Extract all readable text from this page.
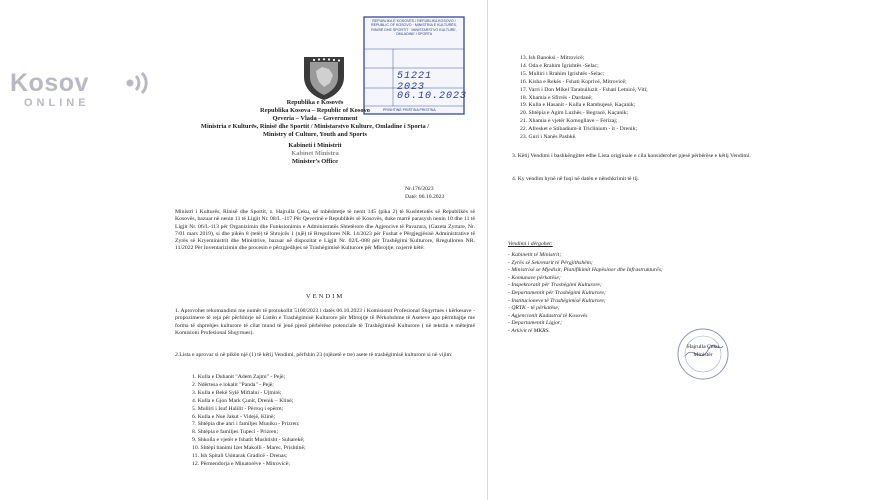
Kosov
ONLINE
REPUBLIKA E KOSOVËS / REPUBLIKA KOSOVO / REPUBLIC OF KOSOVO · MINISTRIA E KULTURËS, RINISË DHE SPORTIT · MINISTARSTVO KULTURE, OMLADINE I SPORTA
51221 2023
06.10.2023
PRISHTINË PRIŠTINA PRISTINA
Republika e Kosovës
Republika Kosova – Republic of Kosovo
Qeveria – Vlada – Government
Ministria e Kulturës, Rinisë dhe Sportit / Ministarstvo Kulture, Omladine i Sporta /
Ministry of Culture, Youth and Sports
Kabineti i Ministrit
Kabinet Ministra
Minister's Office
Nr.176/2023
Datë: 06.10.2023
Ministri i Kulturës, Rinisë dhe Sportit, z. Hajrulla Çeku, në mbështetje të nenit 145 (pika 2) të Kushtetutës së Republikës së Kosovës, bazuar në nenin 11 të Ligjit Nr. 08/L -117 Për Qeverinë e Republikës së Kosovës, duke marrë parasysh nenin 10 dhe 11 të Ligjit Nr. 06/L-113 për Organizimin dhe Funksionimin e Administratës Shtetërore dhe Agjencive të Pavarura, (Gazeta Zyrtare, Nr. 7/01 mars 2019), si dhe pikën 8 (tetë) të Shtojcës 1 (një) të Rregullores NR. 14/2023 për Fushat e Përgjegjësisë Administrative të Zyrës së Kryeministrit dhe Ministrive, bazuar në dispozitat e Ligjit Nr. 02/L-088 për Trashëgimi Kulturore, Rregulloren NR. 11/2022 Për Inventarizimin dhe procesin e përzgjedhjes së Trashëgimisë Kulturore për Mbrojtje, nxjerrë këtë:
VENDIM
1. Aprovohet rekomandimi me numër të protokollit 5100/2023 i datës 06.10.2023 i Komisionit Profesional Shqyrtues i kërkesave - propozimeve të reja për përfshirje në Listën e Trashëgimisë Kulturore për Mbrojtje të Përkohshme të Aseteve apo përmbajtje me forma të shprehjes kulturore të cilat mund të jenë pjesë përbërëse potenciale të Trashëgimisë Kulturore ( në tekstin e mëtejmë Komisioni Profesional Shqyrtues).
2.Lista e aprovar si në pikën një (1) të këtij Vendimi, përfshin 23 (njëzetë e tre) asete të trashëgimisë kulturore si në vijim:
1. Kulla e Duhanit "Adem Zajmi" - Pejë;
2. Ndërtesa e lokalit "Panda" - Pejë;
3. Kulla e Bekë Sylë Miftalui - Ujmirë;
4. Kulla e Gjon Mark Çunit, Drenik – Klinë;
5. Mulliri i Isuf Halilit - Përroq i epërm;
6. Kulla e Nue Jakut - Videjë, Klinë;
7. Shtëpia dhe ahri i familjes Muniku - Prizren;
8. Shtëpia e familjes Tupeci - Prizren;
9. Shkolla e vjetër e fshatit Mushtisht - Suharekë;
10. Shtëpi banimi Izet Makolli - Marec, Prishtinë;
11. Ish Spitali Ushtarak Gradicë - Drenas;
12. Përmendorja e Minatorëve - Mitrovicë;
13. Ish Banoksi - Mitrovicë;
14. Oda e Rrahim Igrishtës -Selac;
15. Mulliri i Rrahim Igrishtës -Selac;
16. Kisha e Rekës - Fshati Koprivë, Mitrovicë;
17. Varri i Don Mikel Tarabulluzit - Fshati Letnicë, Viti;
18. Xhamia e Sfirrës - Dardanë;
19. Kulla e Hasanit - Kulla e Rambujesë, Kaçanik;
20. Shtëpia e Agim Luzhës - Begracë, Kaçanik;
21. Xhamia e vjetër Komogllave – Ferizaj;
22. Afresket e Stibadium-it Triclinium - it - Drenik;
23. Guri i Nanës Pashkë.
3. Këtij Vendimi i bashkëngjitet edhe Lista origjinale e cila konsiderohet pjesë përbërëse e këtij Vendimi.
4. Ky vendim hynë në fuqi në datën e nënshkrimit të tij.
Vendimi i dërgohet:
- Kabinetit të Ministrit;
- Zyrës së Sekretarit të Përgjithshëm;
- Ministrisë se Mjedisit, Planifikimit Hapësinor dhe Infrastrukturës;
- Komunave përkatëse;
- Inspektoratit për Trashëgimi Kulturore;
- Departamentit për Trashëgimi Kulturore;
- Institucioneve të Trashëgimisë Kulturore;
- QRTK - të përkatëse;
- Agjencionit Kadastral të Kosovës
- Departamentit Ligjor;
- Arkivit të MKRS.
Hajrulla Çeku
Ministër
